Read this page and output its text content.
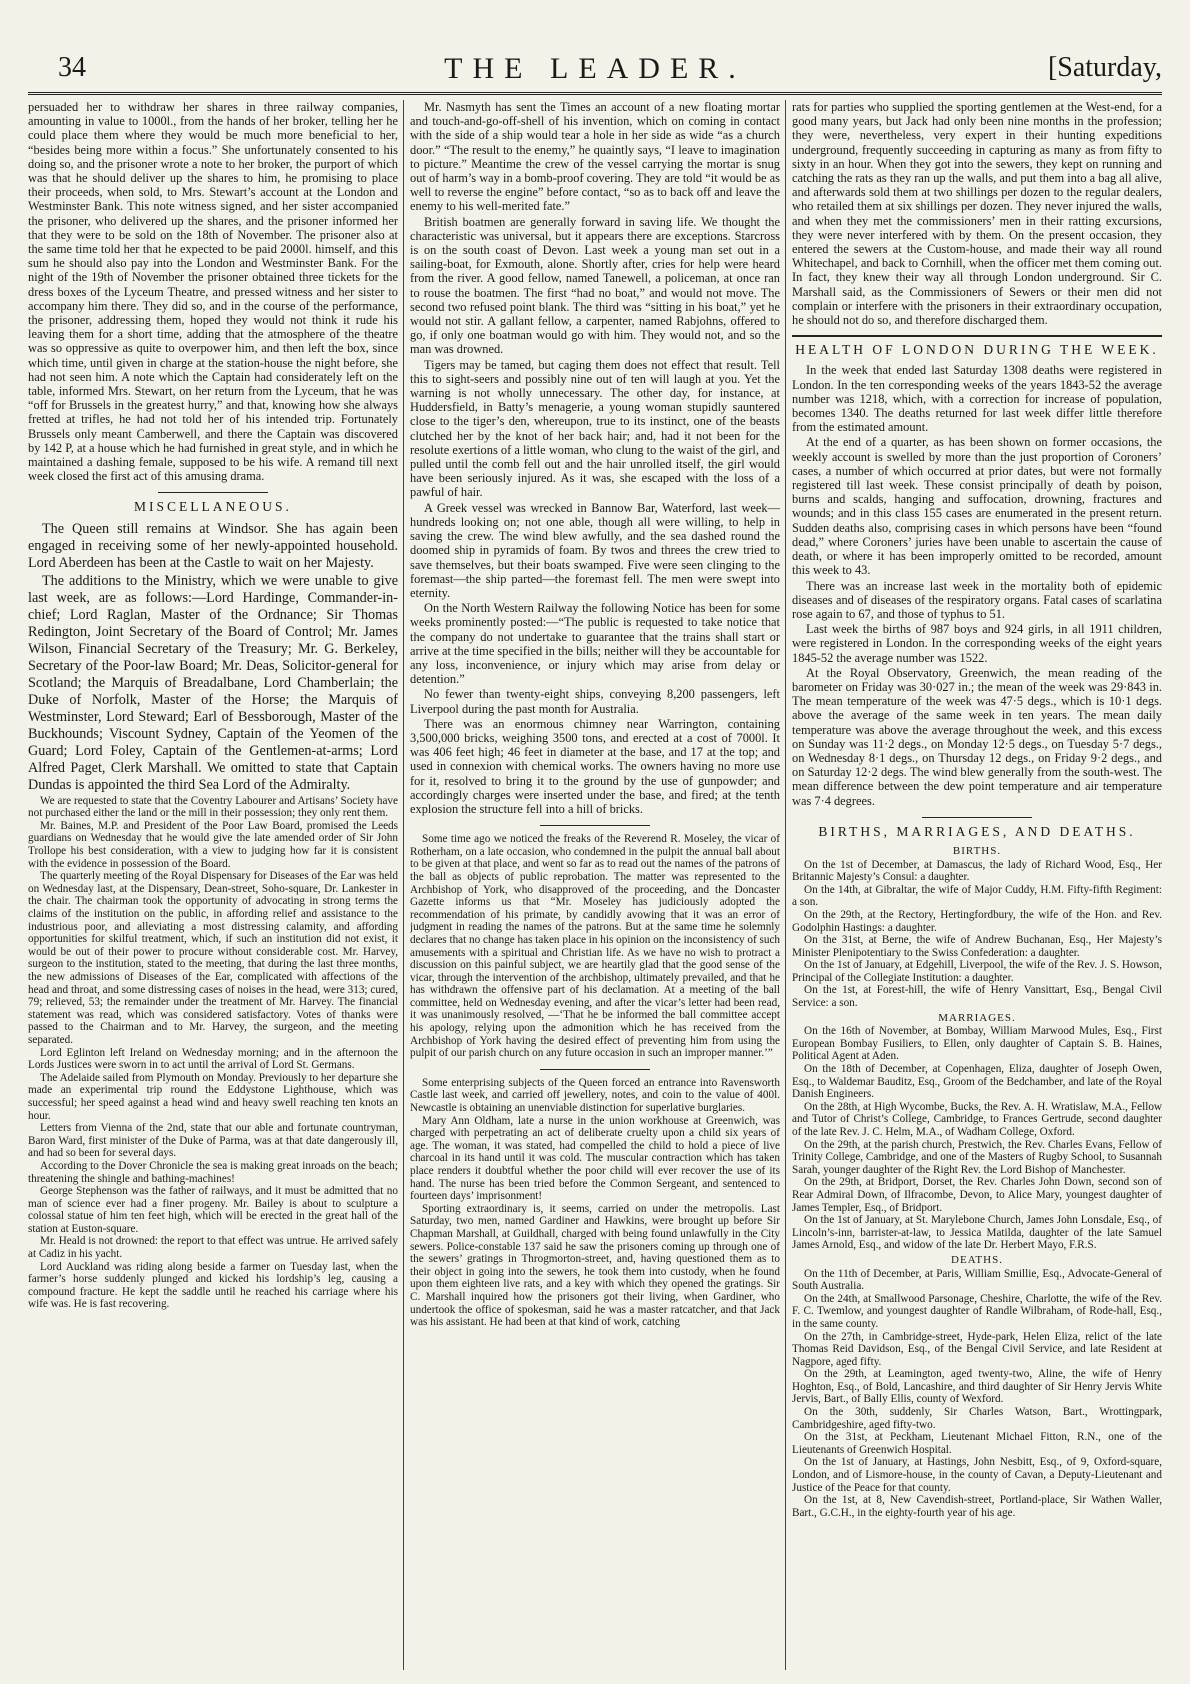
34	THE LEADER.	[Saturday,

persuaded her to withdraw her shares in three railway companies, amounting in value to 1000l., from the hands of her broker, telling her he could place them where they would be much more beneficial to her, “besides being more within a focus.” She unfortunately consented to his doing so, and the prisoner wrote a note to her broker, the purport of which was that he should deliver up the shares to him, he promising to place their proceeds, when sold, to Mrs. Stewart’s account at the London and Westminster Bank. This note witness signed, and her sister accompanied the prisoner, who delivered up the shares, and the prisoner informed her that they were to be sold on the 18th of November. The prisoner also at the same time told her that he expected to be paid 2000l. himself, and this sum he should also pay into the London and Westminster Bank. For the night of the 19th of November the prisoner obtained three tickets for the dress boxes of the Lyceum Theatre, and pressed witness and her sister to accompany him there. They did so, and in the course of the performance, the prisoner, addressing them, hoped they would not think it rude his leaving them for a short time, adding that the atmosphere of the theatre was so oppressive as quite to overpower him, and then left the box, since which time, until given in charge at the station-house the night before, she had not seen him. A note which the Captain had considerately left on the table, informed Mrs. Stewart, on her return from the Lyceum, that he was “off for Brussels in the greatest hurry,” and that, knowing how she always fretted at trifles, he had not told her of his intended trip. Fortunately Brussels only meant Camberwell, and there the Captain was discovered by 142 P, at a house which he had furnished in great style, and in which he maintained a dashing female, supposed to be his wife. A remand till next week closed the first act of this amusing drama.

MISCELLANEOUS.

The Queen still remains at Windsor. She has again been engaged in receiving some of her newly-appointed household. Lord Aberdeen has been at the Castle to wait on her Majesty.

The additions to the Ministry, which we were unable to give last week, are as follows:—Lord Hardinge, Commander-in-chief; Lord Raglan, Master of the Ordnance; Sir Thomas Redington, Joint Secretary of the Board of Control; Mr. James Wilson, Financial Secretary of the Treasury; Mr. G. Berkeley, Secretary of the Poor-law Board; Mr. Deas, Solicitor-general for Scotland; the Marquis of Breadalbane, Lord Chamberlain; the Duke of Norfolk, Master of the Horse; the Marquis of Westminster, Lord Steward; Earl of Bessborough, Master of the Buckhounds; Viscount Sydney, Captain of the Yeomen of the Guard; Lord Foley, Captain of the Gentlemen-at-arms; Lord Alfred Paget, Clerk Marshall. We omitted to state that Captain Dundas is appointed the third Sea Lord of the Admiralty.

We are requested to state that the Coventry Labourer and Artisans’ Society have not purchased either the land or the mill in their possession; they only rent them.

Mr. Baines, M.P. and President of the Poor Law Board, promised the Leeds guardians on Wednesday that he would give the late amended order of Sir John Trollope his best consideration, with a view to judging how far it is consistent with the evidence in possession of the Board.

The quarterly meeting of the Royal Dispensary for Diseases of the Ear was held on Wednesday last, at the Dispensary, Dean-street, Soho-square, Dr. Lankester in the chair. The chairman took the opportunity of advocating in strong terms the claims of the institution on the public, in affording relief and assistance to the industrious poor, and alleviating a most distressing calamity, and affording opportunities for skilful treatment, which, if such an institution did not exist, it would be out of their power to procure without considerable cost. Mr. Harvey, surgeon to the institution, stated to the meeting, that during the last three months, the new admissions of Diseases of the Ear, complicated with affections of the head and throat, and some distressing cases of noises in the head, were 313; cured, 79; relieved, 53; the remainder under the treatment of Mr. Harvey. The financial statement was read, which was considered satisfactory. Votes of thanks were passed to the Chairman and to Mr. Harvey, the surgeon, and the meeting separated.

Lord Eglinton left Ireland on Wednesday morning; and in the afternoon the Lords Justices were sworn in to act until the arrival of Lord St. Germans.

The Adelaide sailed from Plymouth on Monday. Previously to her departure she made an experimental trip round the Eddystone Lighthouse, which was successful; her speed against a head wind and heavy swell reaching ten knots an hour.

Letters from Vienna of the 2nd, state that our able and fortunate countryman, Baron Ward, first minister of the Duke of Parma, was at that date dangerously ill, and had so been for several days.

According to the Dover Chronicle the sea is making great inroads on the beach; threatening the shingle and bathing-machines!

George Stephenson was the father of railways, and it must be admitted that no man of science ever had a finer progeny. Mr. Bailey is about to sculpture a colossal statue of him ten feet high, which will be erected in the great hall of the station at Euston-square.

Mr. Heald is not drowned: the report to that effect was untrue. He arrived safely at Cadiz in his yacht.

Lord Auckland was riding along beside a farmer on Tuesday last, when the farmer’s horse suddenly plunged and kicked his lordship’s leg, causing a compound fracture. He kept the saddle until he reached his carriage where his wife was. He is fast recovering.

Mr. Nasmyth has sent the Times an account of a new floating mortar and touch-and-go-off-shell of his invention, which on coming in contact with the side of a ship would tear a hole in her side as wide “as a church door.” “The result to the enemy,” he quaintly says, “I leave to imagination to picture.” Meantime the crew of the vessel carrying the mortar is snug out of harm’s way in a bomb-proof covering. They are told “it would be as well to reverse the engine” before contact, “so as to back off and leave the enemy to his well-merited fate.”

British boatmen are generally forward in saving life. We thought the characteristic was universal, but it appears there are exceptions. Starcross is on the south coast of Devon. Last week a young man set out in a sailing-boat, for Exmouth, alone. Shortly after, cries for help were heard from the river. A good fellow, named Tanewell, a policeman, at once ran to rouse the boatmen. The first “had no boat,” and would not move. The second two refused point blank. The third was “sitting in his boat,” yet he would not stir. A gallant fellow, a carpenter, named Rabjohns, offered to go, if only one boatman would go with him. They would not, and so the man was drowned.

Tigers may be tamed, but caging them does not effect that result. Tell this to sight-seers and possibly nine out of ten will laugh at you. Yet the warning is not wholly unnecessary. The other day, for instance, at Huddersfield, in Batty’s menagerie, a young woman stupidly sauntered close to the tiger’s den, whereupon, true to its instinct, one of the beasts clutched her by the knot of her back hair; and, had it not been for the resolute exertions of a little woman, who clung to the waist of the girl, and pulled until the comb fell out and the hair unrolled itself, the girl would have been seriously injured. As it was, she escaped with the loss of a pawful of hair.

A Greek vessel was wrecked in Bannow Bar, Waterford, last week—hundreds looking on; not one able, though all were willing, to help in saving the crew. The wind blew awfully, and the sea dashed round the doomed ship in pyramids of foam. By twos and threes the crew tried to save themselves, but their boats swamped. Five were seen clinging to the foremast—the ship parted—the foremast fell. The men were swept into eternity.

On the North Western Railway the following Notice has been for some weeks prominently posted:—“The public is requested to take notice that the company do not undertake to guarantee that the trains shall start or arrive at the time specified in the bills; neither will they be accountable for any loss, inconvenience, or injury which may arise from delay or detention.”

No fewer than twenty-eight ships, conveying 8,200 passengers, left Liverpool during the past month for Australia.

There was an enormous chimney near Warrington, containing 3,500,000 bricks, weighing 3500 tons, and erected at a cost of 7000l. It was 406 feet high; 46 feet in diameter at the base, and 17 at the top; and used in connexion with chemical works. The owners having no more use for it, resolved to bring it to the ground by the use of gunpowder; and accordingly charges were inserted under the base, and fired; at the tenth explosion the structure fell into a hill of bricks.

Some time ago we noticed the freaks of the Reverend R. Moseley, the vicar of Rotherham, on a late occasion, who condemned in the pulpit the annual ball about to be given at that place, and went so far as to read out the names of the patrons of the ball as objects of public reprobation. The matter was represented to the Archbishop of York, who disapproved of the proceeding, and the Doncaster Gazette informs us that “Mr. Moseley has judiciously adopted the recommendation of his primate, by candidly avowing that it was an error of judgment in reading the names of the patrons. But at the same time he solemnly declares that no change has taken place in his opinion on the inconsistency of such amusements with a spiritual and Christian life. As we have no wish to protract a discussion on this painful subject, we are heartily glad that the good sense of the vicar, through the intervention of the archbishop, ultimately prevailed, and that he has withdrawn the offensive part of his declamation. At a meeting of the ball committee, held on Wednesday evening, and after the vicar’s letter had been read, it was unanimously resolved, —‘That he be informed the ball committee accept his apology, relying upon the admonition which he has received from the Archbishop of York having the desired effect of preventing him from using the pulpit of our parish church on any future occasion in such an improper manner.’”

Some enterprising subjects of the Queen forced an entrance into Ravensworth Castle last week, and carried off jewellery, notes, and coin to the value of 400l. Newcastle is obtaining an unenviable distinction for superlative burglaries.

Mary Ann Oldham, late a nurse in the union workhouse at Greenwich, was charged with perpetrating an act of deliberate cruelty upon a child six years of age. The woman, it was stated, had compelled the child to hold a piece of live charcoal in its hand until it was cold. The muscular contraction which has taken place renders it doubtful whether the poor child will ever recover the use of its hand. The nurse has been tried before the Common Sergeant, and sentenced to fourteen days’ imprisonment!

Sporting extraordinary is, it seems, carried on under the metropolis. Last Saturday, two men, named Gardiner and Hawkins, were brought up before Sir Chapman Marshall, at Guildhall, charged with being found unlawfully in the City sewers. Police-constable 137 said he saw the prisoners coming up through one of the sewers’ gratings in Throgmorton-street, and, having questioned them as to their object in going into the sewers, he took them into custody, when he found upon them eighteen live rats, and a key with which they opened the gratings. Sir C. Marshall inquired how the prisoners got their living, when Gardiner, who undertook the office of spokesman, said he was a master ratcatcher, and that Jack was his assistant. He had been at that kind of work, catching

rats for parties who supplied the sporting gentlemen at the West-end, for a good many years, but Jack had only been nine months in the profession; they were, nevertheless, very expert in their hunting expeditions underground, frequently succeeding in capturing as many as from fifty to sixty in an hour. When they got into the sewers, they kept on running and catching the rats as they ran up the walls, and put them into a bag all alive, and afterwards sold them at two shillings per dozen to the regular dealers, who retailed them at six shillings per dozen. They never injured the walls, and when they met the commissioners’ men in their ratting excursions, they were never interfered with by them. On the present occasion, they entered the sewers at the Custom-house, and made their way all round Whitechapel, and back to Cornhill, when the officer met them coming out. In fact, they knew their way all through London underground. Sir C. Marshall said, as the Commissioners of Sewers or their men did not complain or interfere with the prisoners in their extraordinary occupation, he should not do so, and therefore discharged them.

HEALTH OF LONDON DURING THE WEEK.

In the week that ended last Saturday 1308 deaths were registered in London. In the ten corresponding weeks of the years 1843-52 the average number was 1218, which, with a correction for increase of population, becomes 1340. The deaths returned for last week differ little therefore from the estimated amount.

At the end of a quarter, as has been shown on former occasions, the weekly account is swelled by more than the just proportion of Coroners’ cases, a number of which occurred at prior dates, but were not formally registered till last week. These consist principally of death by poison, burns and scalds, hanging and suffocation, drowning, fractures and wounds; and in this class 155 cases are enumerated in the present return. Sudden deaths also, comprising cases in which persons have been “found dead,” where Coroners’ juries have been unable to ascertain the cause of death, or where it has been improperly omitted to be recorded, amount this week to 43.

There was an increase last week in the mortality both of epidemic diseases and of diseases of the respiratory organs. Fatal cases of scarlatina rose again to 67, and those of typhus to 51.

Last week the births of 987 boys and 924 girls, in all 1911 children, were registered in London. In the corresponding weeks of the eight years 1845-52 the average number was 1522.

At the Royal Observatory, Greenwich, the mean reading of the barometer on Friday was 30·027 in.; the mean of the week was 29·843 in. The mean temperature of the week was 47·5 degs., which is 10·1 degs. above the average of the same week in ten years. The mean daily temperature was above the average throughout the week, and this excess on Sunday was 11·2 degs., on Monday 12·5 degs., on Tuesday 5·7 degs., on Wednesday 8·1 degs., on Thursday 12 degs., on Friday 9·2 degs., and on Saturday 12·2 degs. The wind blew generally from the south-west. The mean difference between the dew point temperature and air temperature was 7·4 degrees.

BIRTHS, MARRIAGES, AND DEATHS.
BIRTHS.

On the 1st of December, at Damascus, the lady of Richard Wood, Esq., Her Britannic Majesty’s Consul: a daughter.

On the 14th, at Gibraltar, the wife of Major Cuddy, H.M. Fifty-fifth Regiment: a son.

On the 29th, at the Rectory, Hertingfordbury, the wife of the Hon. and Rev. Godolphin Hastings: a daughter.

On the 31st, at Berne, the wife of Andrew Buchanan, Esq., Her Majesty’s Minister Plenipotentiary to the Swiss Confederation: a daughter.

On the 1st of January, at Edgehill, Liverpool, the wife of the Rev. J. S. Howson, Principal of the Collegiate Institution: a daughter.

On the 1st, at Forest-hill, the wife of Henry Vansittart, Esq., Bengal Civil Service: a son.

MARRIAGES.

On the 16th of November, at Bombay, William Marwood Mules, Esq., First European Bombay Fusiliers, to Ellen, only daughter of Captain S. B. Haines, Political Agent at Aden.

On the 18th of December, at Copenhagen, Eliza, daughter of Joseph Owen, Esq., to Waldemar Bauditz, Esq., Groom of the Bedchamber, and late of the Royal Danish Engineers.

On the 28th, at High Wycombe, Bucks, the Rev. A. H. Wratislaw, M.A., Fellow and Tutor of Christ’s College, Cambridge, to Frances Gertrude, second daughter of the late Rev. J. C. Helm, M.A., of Wadham College, Oxford.

On the 29th, at the parish church, Prestwich, the Rev. Charles Evans, Fellow of Trinity College, Cambridge, and one of the Masters of Rugby School, to Susannah Sarah, younger daughter of the Right Rev. the Lord Bishop of Manchester.

On the 29th, at Bridport, Dorset, the Rev. Charles John Down, second son of Rear Admiral Down, of Ilfracombe, Devon, to Alice Mary, youngest daughter of James Templer, Esq., of Bridport.

On the 1st of January, at St. Marylebone Church, James John Lonsdale, Esq., of Lincoln’s-inn, barrister-at-law, to Jessica Matilda, daughter of the late Samuel James Arnold, Esq., and widow of the late Dr. Herbert Mayo, F.R.S.

DEATHS.

On the 11th of December, at Paris, William Smillie, Esq., Advocate-General of South Australia.

On the 24th, at Smallwood Parsonage, Cheshire, Charlotte, the wife of the Rev. F. C. Twemlow, and youngest daughter of Randle Wilbraham, of Rode-hall, Esq., in the same county.

On the 27th, in Cambridge-street, Hyde-park, Helen Eliza, relict of the late Thomas Reid Davidson, Esq., of the Bengal Civil Service, and late Resident at Nagpore, aged fifty.

On the 29th, at Leamington, aged twenty-two, Aline, the wife of Henry Hoghton, Esq., of Bold, Lancashire, and third daughter of Sir Henry Jervis White Jervis, Bart., of Bally Ellis, county of Wexford.

On the 30th, suddenly, Sir Charles Watson, Bart., Wrottingpark, Cambridgeshire, aged fifty-two.

On the 31st, at Peckham, Lieutenant Michael Fitton, R.N., one of the Lieutenants of Greenwich Hospital.

On the 1st of January, at Hastings, John Nesbitt, Esq., of 9, Oxford-square, London, and of Lismore-house, in the county of Cavan, a Deputy-Lieutenant and Justice of the Peace for that county.

On the 1st, at 8, New Cavendish-street, Portland-place, Sir Wathen Waller, Bart., G.C.H., in the eighty-fourth year of his age.
